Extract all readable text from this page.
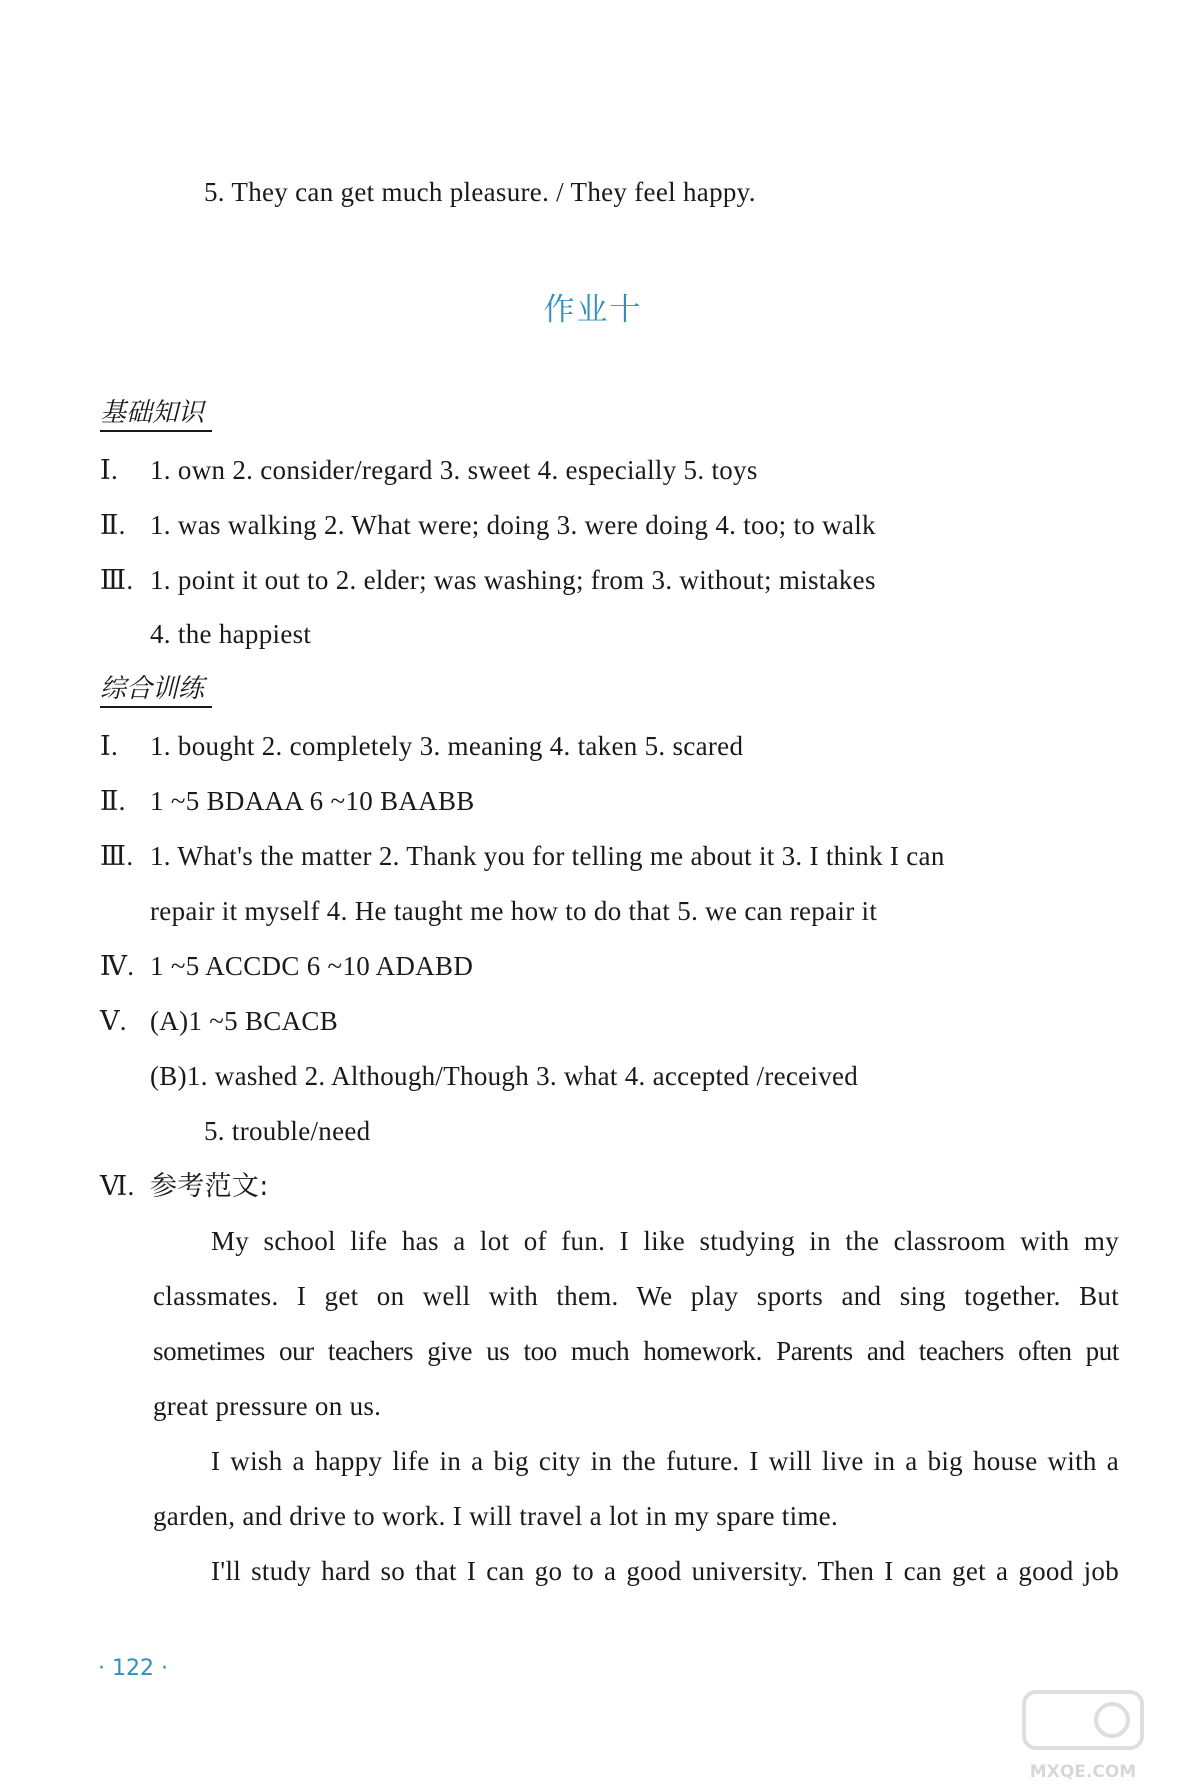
5. They can get much pleasure. / They feel happy.
作业十
基础知识
Ⅰ. 1. own 2. consider/regard 3. sweet 4. especially 5. toys
Ⅱ. 1. was walking 2. What were; doing 3. were doing 4. too; to walk
Ⅲ. 1. point it out to 2. elder; was washing; from 3. without; mistakes
4. the happiest
综合训练
Ⅰ. 1. bought 2. completely 3. meaning 4. taken 5. scared
Ⅱ. 1 ~5 BDAAA 6 ~10 BAABB
Ⅲ. 1. What's the matter 2. Thank you for telling me about it 3. I think I can
repair it myself 4. He taught me how to do that 5. we can repair it
Ⅳ. 1 ~5 ACCDC 6 ~10 ADABD
Ⅴ. (A)1 ~5 BCACB
(B)1. washed 2. Although/Though 3. what 4. accepted /received
5. trouble/need
Ⅵ. 参考范文:
My school life has a lot of fun. I like studying in the classroom with my
classmates. I get on well with them. We play sports and sing together. But
sometimes our teachers give us too much homework. Parents and teachers often put
great pressure on us.
I wish a happy life in a big city in the future. I will live in a big house with a
garden, and drive to work. I will travel a lot in my spare time.
I'll study hard so that I can go to a good university. Then I can get a good job
· 122 ·
MXQE.COM
